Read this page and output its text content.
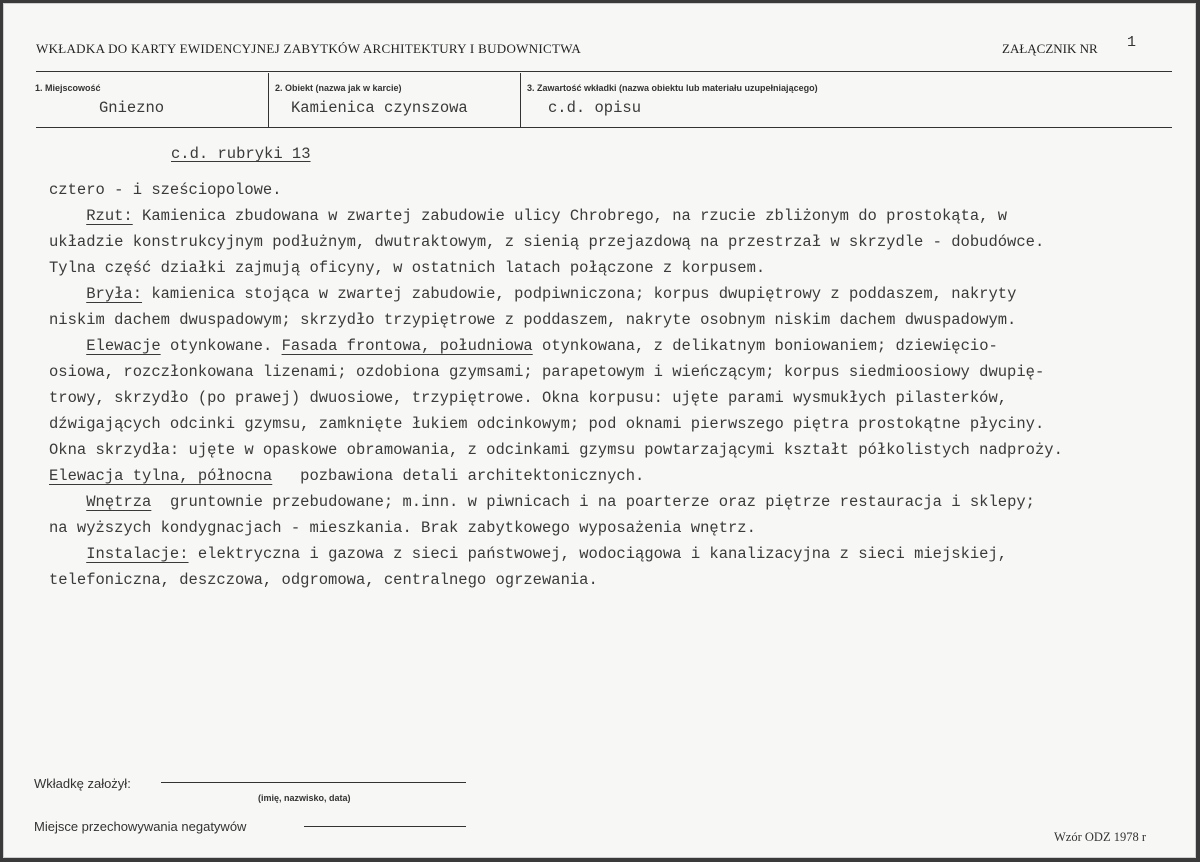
WKŁADKA DO KARTY EWIDENCYJNEJ ZABYTKÓW ARCHITEKTURY I BUDOWNICTWA	ZAŁĄCZNIK NR 1
1. Miejscowość
Gniezno
2. Obiekt (nazwa jak w karcie)
Kamienica czynszowa
3. Zawartość wkładki (nazwa obiektu lub materiału uzupełniającego)
c.d. opisu
c.d. rubryki 13
cztero - i sześciopolowe.
Rzut: Kamienica zbudowana w zwartej zabudowie ulicy Chrobrego, na rzucie zbliżonym do prostokąta, w
układzie konstrukcyjnym podłużnym, dwutraktowym, z sienią przejazdową na przestrzał w skrzydle - dobudówce.
Tylna część działki zajmują oficyny, w ostatnich latach połączone z korpusem.
Bryła: kamienica stojąca w zwartej zabudowie, podpiwniczona; korpus dwupiętrowy z poddaszem, nakryty
niskim dachem dwuspadowym; skrzydło trzypiętrowe z poddaszem, nakryte osobnym niskim dachem dwuspadowym.
Elewacje otynkowane. Fasada frontowa, południowa otynkowana, z delikatnym boniowaniem; dziewięcio-
osiowa, rozczłonkowana lizenami; ozdobiona gzymsami; parapetowym i wieńczącym; korpus siedmioosiowy dwupię-
trowy, skrzydło (po prawej) dwuosiowe, trzypiętrowe. Okna korpusu: ujęte parami wysmukłych pilasterków,
dźwigających odcinki gzymsu, zamknięte łukiem odcinkowym; pod oknami pierwszego piętra prostokątne płyciny.
Okna skrzydła: ujęte w opaskowe obramowania, z odcinkami gzymsu powtarzającymi kształt półkolistych nadproży.
Elewacja tylna, północna   pozbawiona detali architektonicznych.
Wnętrza  gruntownie przebudowane; m.inn. w piwnicach i na poarterze oraz piętrze restauracja i sklepy;
na wyższych kondygnacjach - mieszkania. Brak zabytkowego wyposażenia wnętrz.
Instalacje: elektryczna i gazowa z sieci państwowej, wodociągowa i kanalizacyjna z sieci miejskiej,
telefoniczna, deszczowa, odgromowa, centralnego ogrzewania.
Wkładkę założył:
(imię, nazwisko, data)
Miejsce przechowywania negatywów
Wzór ODZ 1978 r
